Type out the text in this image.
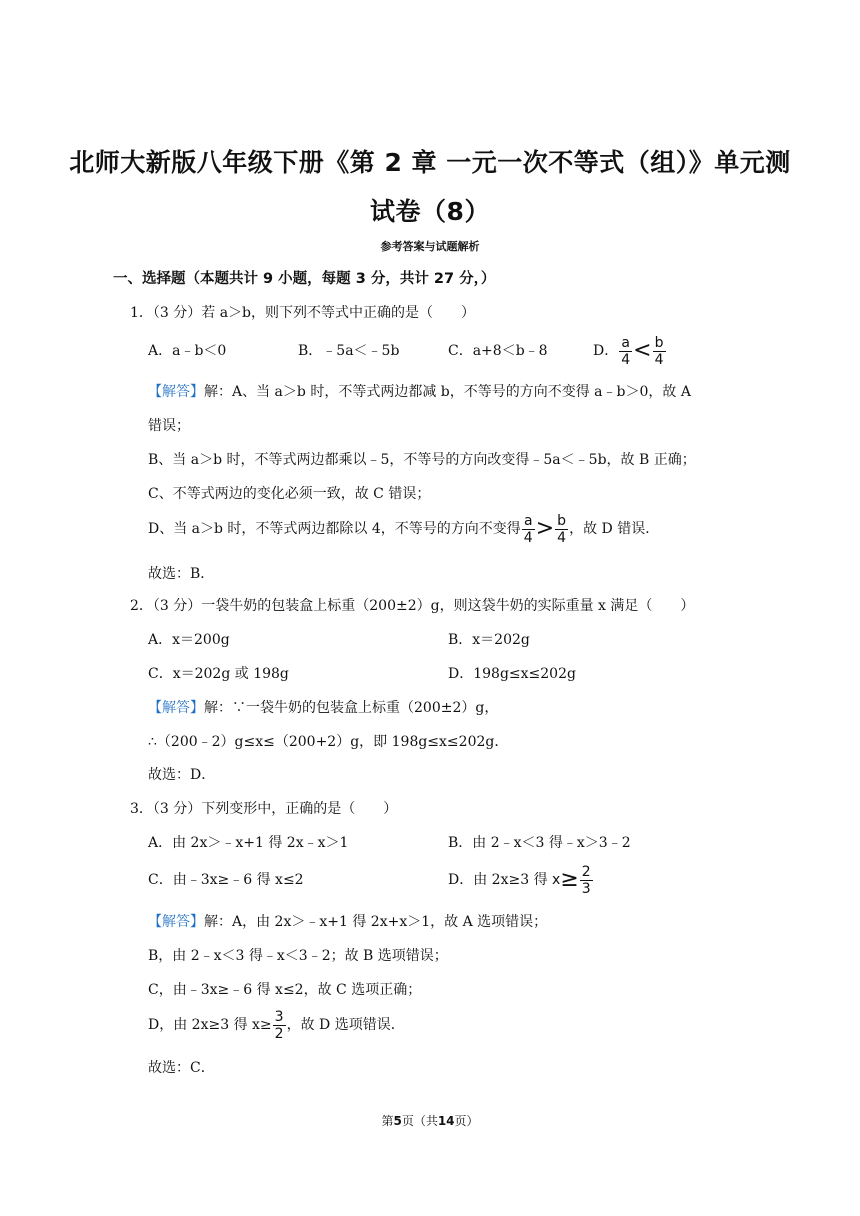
北师大新版八年级下册《第 2 章 一元一次不等式（组）》单元测
试卷（8）
参考答案与试题解析
一、选择题（本题共计 9 小题，每题 3 分，共计 27 分，）
1．（3 分）若 a＞b，则下列不等式中正确的是（　　）
A．a﹣b＜0	B．﹣5a＜﹣5b	C．a+8＜b﹣8	D． $\frac{a}{4} < \frac{b}{4}$
【解答】解：A、当 a＞b 时，不等式两边都减 b，不等号的方向不变得 a﹣b＞0，故 A
错误；
B、当 a＞b 时，不等式两边都乘以﹣5，不等号的方向改变得﹣5a＜﹣5b，故 B 正确；
C、不等式两边的变化必须一致，故 C 错误；
D、当 a＞b 时，不等式两边都除以 4，不等号的方向不变得 $\frac{a}{4} > \frac{b}{4}$ ，故 D 错误．
故选：B．
2．（3 分）一袋牛奶的包装盒上标重（200±2）g，则这袋牛奶的实际重量 x 满足（　　）
A．x＝200g	B．x＝202g
C．x＝202g 或 198g	D．198g≤x≤202g
【解答】解：∵一袋牛奶的包装盒上标重（200±2）g，
∴（200﹣2）g≤x≤（200+2）g，即 198g≤x≤202g．
故选：D．
3．（3 分）下列变形中，正确的是（　　）
A．由 2x＞﹣x+1 得 2x﹣x＞1	B．由 2﹣x＜3 得﹣x＞3﹣2
C．由﹣3x≥﹣6 得 x≤2	D．由 2x≥3 得 $x\ge \frac{2}{3}$
【解答】解：A，由 2x＞﹣x+1 得 2x+x＞1，故 A 选项错误；
B，由 2﹣x＜3 得﹣x＜3﹣2；故 B 选项错误；
C，由﹣3x≥﹣6 得 x≤2，故 C 选项正确；
D，由 2x≥3 得 $x\ge \frac{3}{2}$ ，故 D 选项错误．
故选：C．
第5页（共14页）
